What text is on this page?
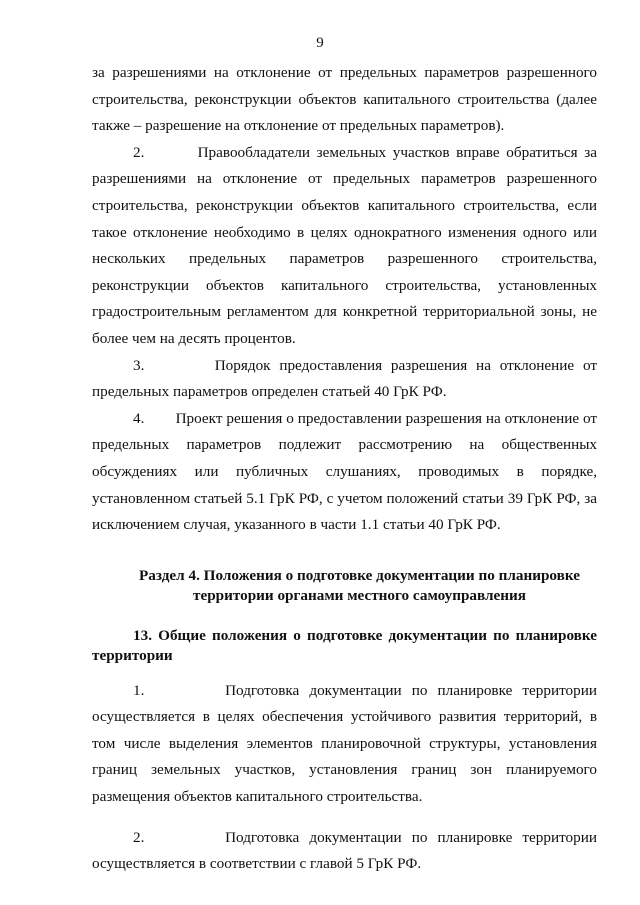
9

за разрешениями на отклонение от предельных параметров разрешенного строительства, реконструкции объектов капитального строительства (далее также – разрешение на отклонение от предельных параметров).

2.        Правообладатели земельных участков вправе обратиться за разрешениями на отклонение от предельных параметров разрешенного строительства, реконструкции объектов капитального строительства, если такое отклонение необходимо в целях однократного изменения одного или нескольких предельных параметров разрешенного строительства, реконструкции объектов капитального строительства, установленных градостроительным регламентом для конкретной территориальной зоны, не более чем на десять процентов.

3.        Порядок предоставления разрешения на отклонение от предельных параметров определен статьей 40 ГрК РФ.

4.        Проект решения о предоставлении разрешения на отклонение от предельных параметров подлежит рассмотрению на общественных обсуждениях или публичных слушаниях, проводимых в порядке, установленном статьей 5.1 ГрК РФ, с учетом положений статьи 39 ГрК РФ, за исключением случая, указанного в части 1.1 статьи 40 ГрК РФ.

Раздел 4. Положения о подготовке документации по планировке территории органами местного самоуправления
13. Общие положения о подготовке документации по планировке территории

1.        Подготовка документации по планировке территории осуществляется в целях обеспечения устойчивого развития территорий, в том числе выделения элементов планировочной структуры, установления границ земельных участков, установления границ зон планируемого размещения объектов капитального строительства.

2.        Подготовка документации по планировке территории осуществляется в соответствии с главой 5 ГрК РФ.
